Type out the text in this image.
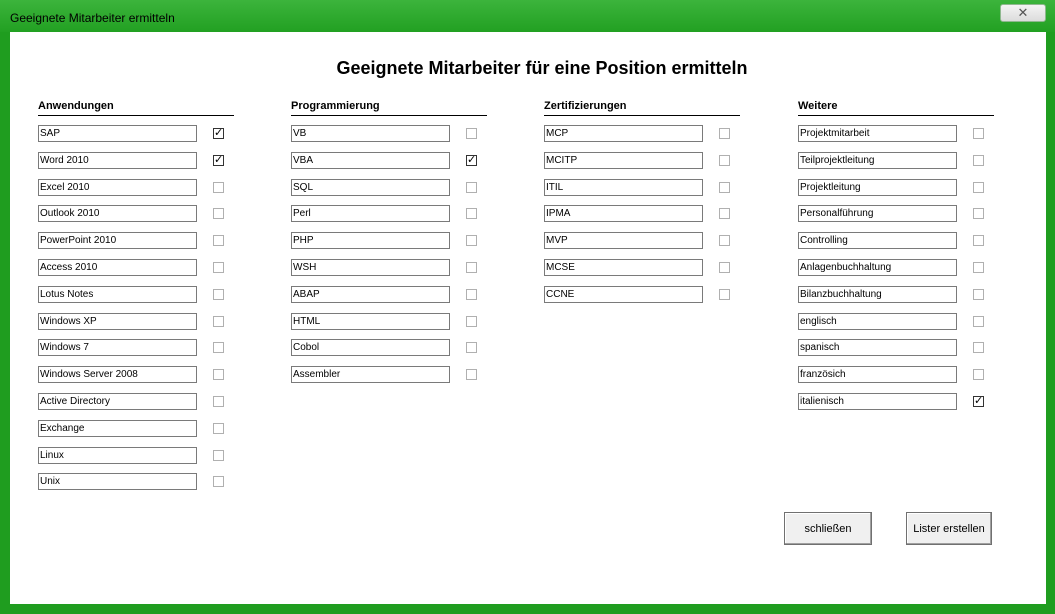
Geeignete Mitarbeiter ermitteln	✕
Geeignete Mitarbeiter für eine Position ermitteln
Anwendungen
SAP	✓
Word 2010	✓
Excel 2010
Outlook 2010
PowerPoint 2010
Access 2010
Lotus Notes
Windows XP
Windows 7
Windows Server 2008
Active Directory
Exchange
Linux
Unix
Programmierung
VB
VBA	✓
SQL
Perl
PHP
WSH
ABAP
HTML
Cobol
Assembler
Zertifizierungen
MCP
MCITP
ITIL
IPMA
MVP
MCSE
CCNE
Weitere
Projektmitarbeit
Teilprojektleitung
Projektleitung
Personalführung
Controlling
Anlagenbuchhaltung
Bilanzbuchhaltung
englisch
spanisch
französich
italienisch	✓
schließen	Lister erstellen
